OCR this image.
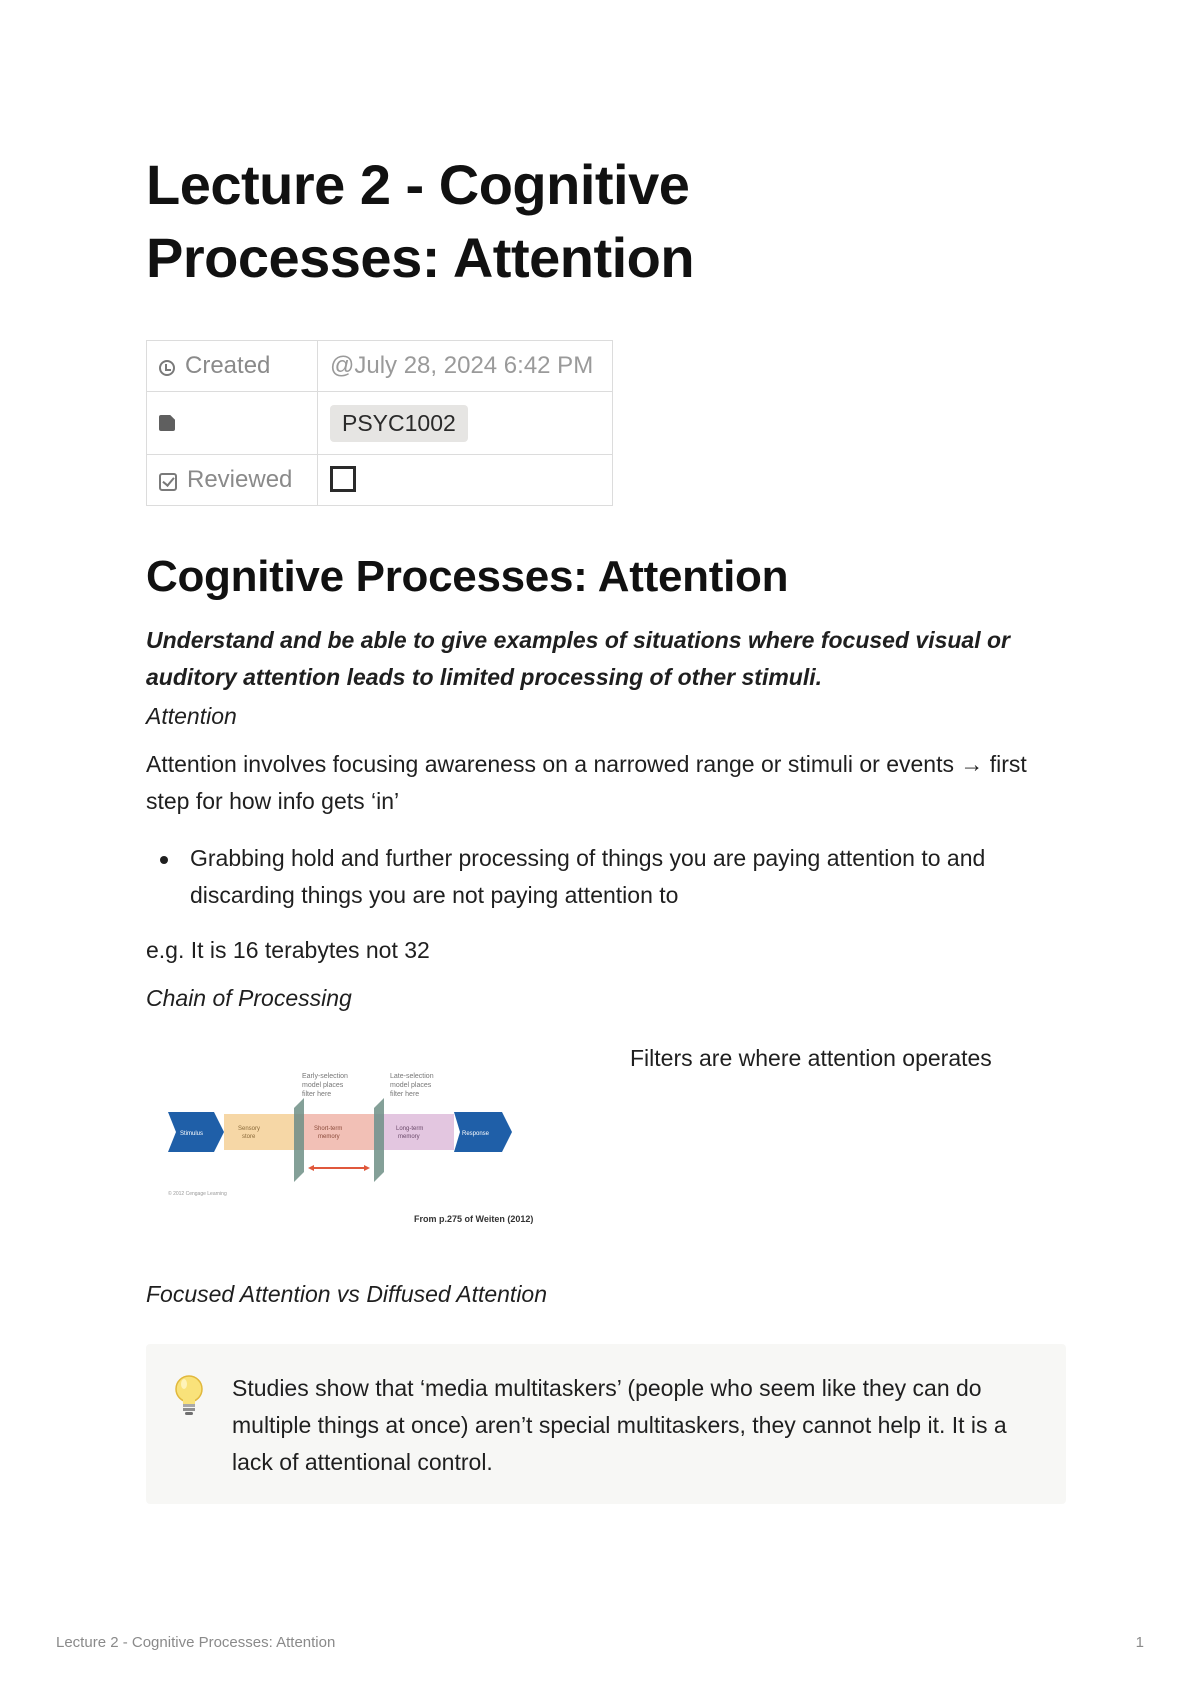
Lecture 2 - Cognitive Processes: Attention
Created	@July 28, 2024 6:42 PM

	PSYC1002

Reviewed	

Cognitive Processes: Attention

Understand and be able to give examples of situations where focused visual or auditory attention leads to limited processing of other stimuli.

Attention

Attention involves focusing awareness on a narrowed range or stimuli or events → first step for how info gets ‘in’

Grabbing hold and further processing of things you are paying attention to and discarding things you are not paying attention to

e.g. It is 16 terabytes not 32

Chain of Processing

Filters are where attention operates
Early-selection
model places
filter here
Late-selection
model places
filter here
Stimulus
Sensory
store
Short-term
memory
Long-term
memory	Response
© 2012 Cengage Learning
From p.275 of Weiten (2012)

Focused Attention vs Diffused Attention

Studies show that ‘media multitaskers’ (people who seem like they can do multiple things at once) aren’t special multitaskers, they cannot help it. It is a lack of attentional control.
Lecture 2 - Cognitive Processes: Attention	1
